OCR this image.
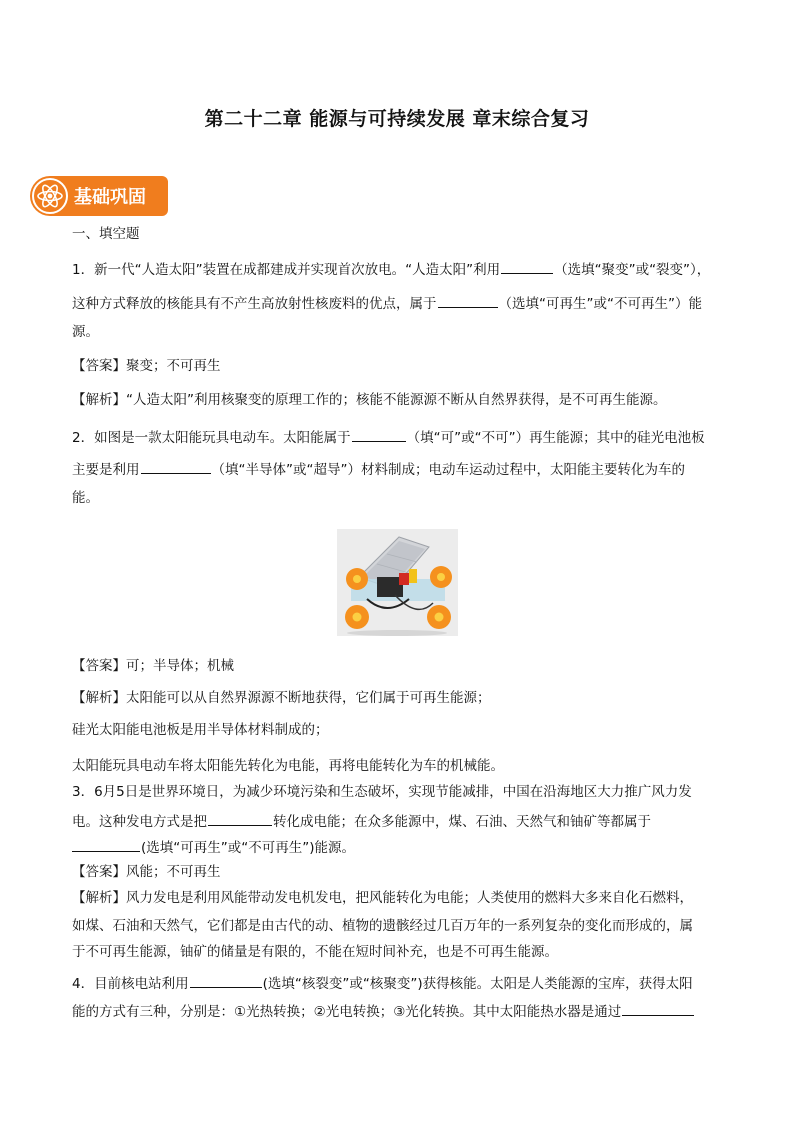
第二十二章 能源与可持续发展 章末综合复习
基础巩固
一、填空题
1．新一代“人造太阳”装置在成都建成并实现首次放电。“人造太阳”利用	（选填“聚变”或“裂变”），
这种方式释放的核能具有不产生高放射性核废料的优点，属于	（选填“可再生”或“不可再生”）能
源。
【答案】聚变；不可再生
【解析】“人造太阳”利用核聚变的原理工作的；核能不能源源不断从自然界获得，是不可再生能源。
2．如图是一款太阳能玩具电动车。太阳能属于	（填“可”或“不可”）再生能源；其中的硅光电池板
主要是利用	（填“半导体”或“超导”）材料制成；电动车运动过程中，太阳能主要转化为车的
能。
【答案】可；半导体；机械
【解析】太阳能可以从自然界源源不断地获得，它们属于可再生能源；
硅光太阳能电池板是用半导体材料制成的；
太阳能玩具电动车将太阳能先转化为电能，再将电能转化为车的机械能。
3．6月5日是世界环境日，为减少环境污染和生态破坏，实现节能减排，中国在沿海地区大力推广风力发
电。这种发电方式是把	转化成电能；在众多能源中，煤、石油、天然气和铀矿等都属于
(选填“可再生”或“不可再生”)能源。
【答案】风能；不可再生
【解析】风力发电是利用风能带动发电机发电，把风能转化为电能；人类使用的燃料大多来自化石燃料，
如煤、石油和天然气，它们都是由古代的动、植物的遗骸经过几百万年的一系列复杂的变化而形成的，属
于不可再生能源，铀矿的储量是有限的，不能在短时间补充，也是不可再生能源。
4．目前核电站利用	(选填“核裂变”或“核聚变”)获得核能。太阳是人类能源的宝库，获得太阳
能的方式有三种，分别是：①光热转换；②光电转换；③光化转换。其中太阳能热水器是通过
